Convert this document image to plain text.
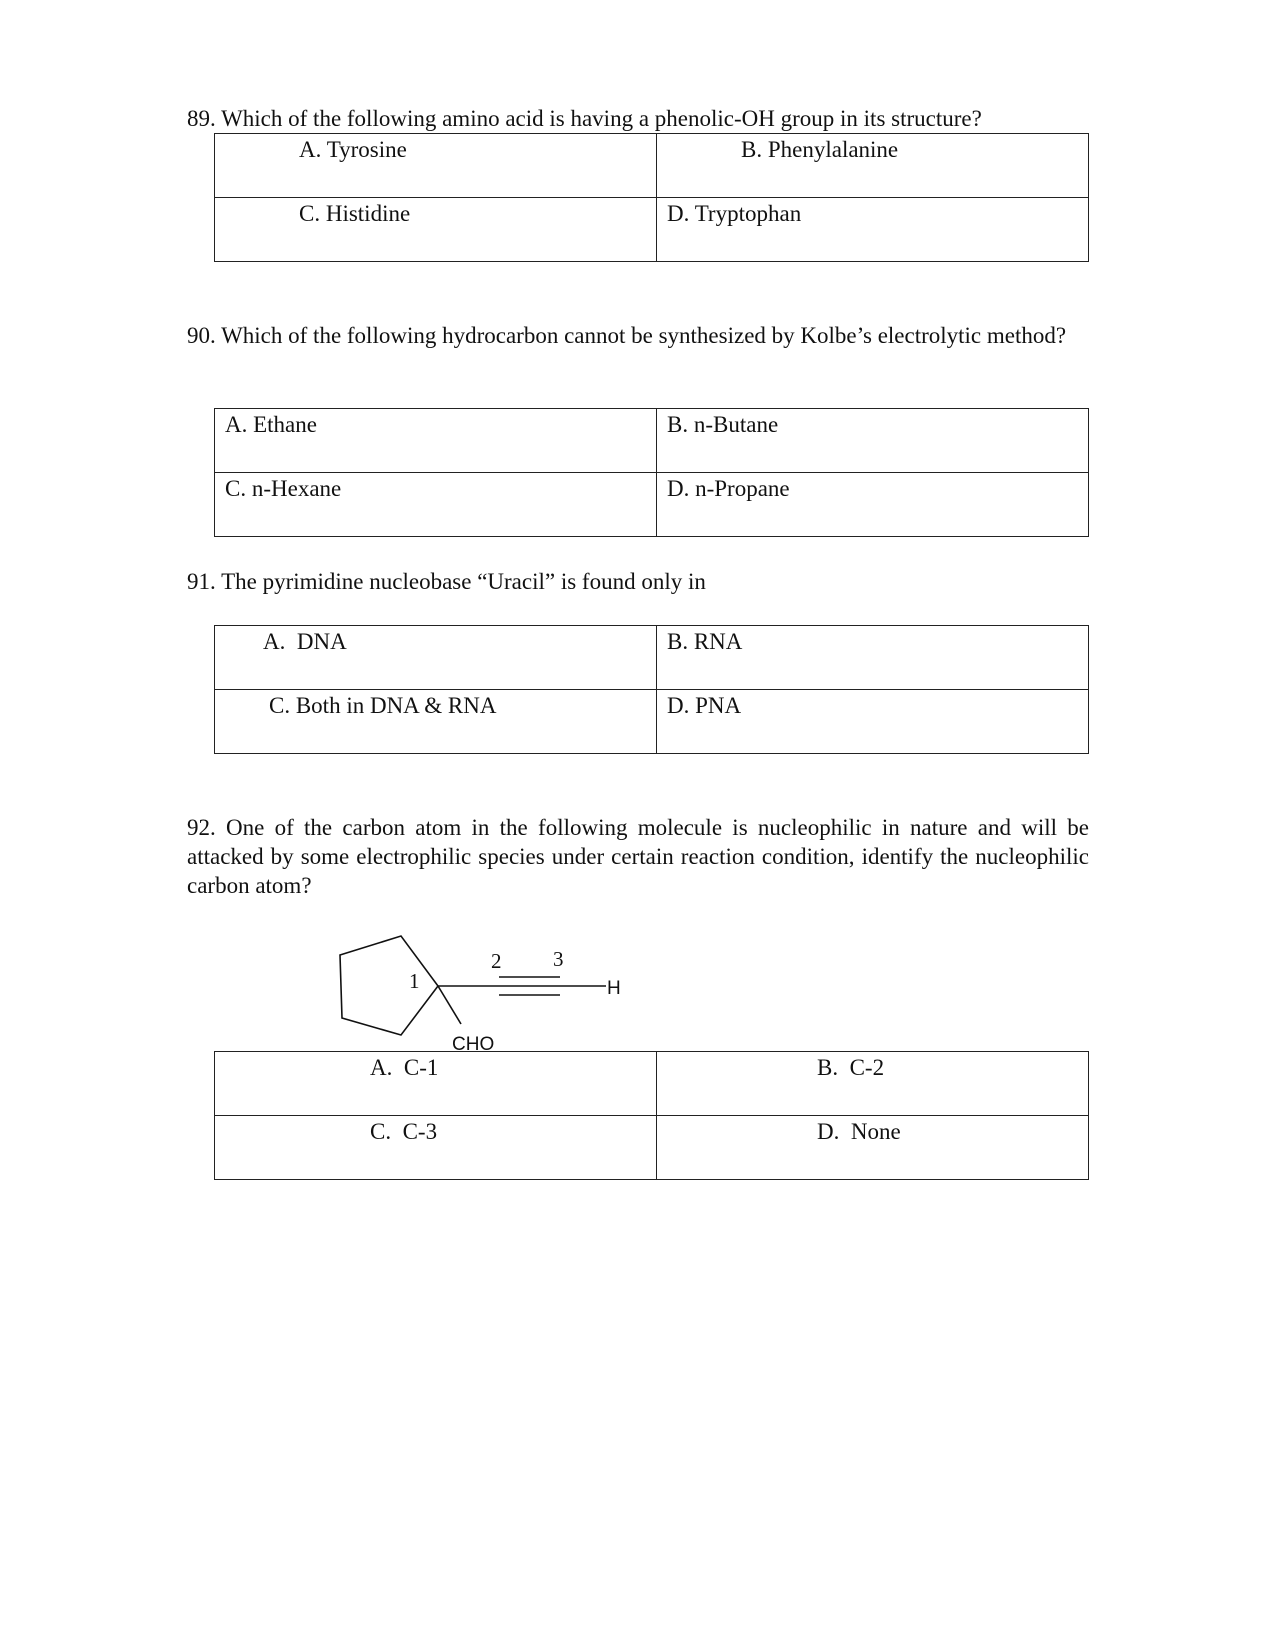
89. Which of the following amino acid is having a phenolic-OH group in its structure?

A. Tyrosine	B. Phenylalanine
C. Histidine	D. Tryptophan

90. Which of the following hydrocarbon cannot be synthesized by Kolbe’s electrolytic method?

A. Ethane	B. n-Butane
C. n-Hexane	D. n-Propane

91. The pyrimidine nucleobase “Uracil” is found only in

A.  DNA	B. RNA
C. Both in DNA & RNA	D. PNA

92. One of the carbon atom in the following molecule is nucleophilic in nature and will be attacked by some electrophilic species under certain reaction condition, identify the nucleophilic carbon atom?

1
2 3
H
CHO
A.  C-1	B.  C-2
C.  C-3	D.  None
